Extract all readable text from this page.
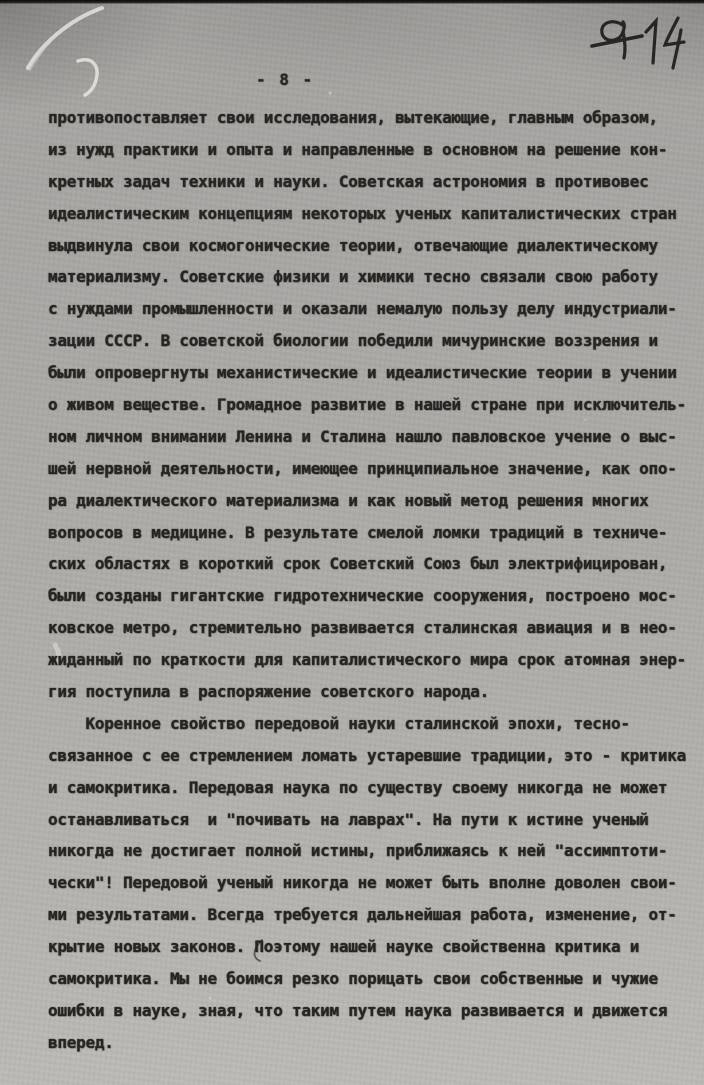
- 8 -
противопоставляет свои исследования, вытекающие, главным образом,
из нужд практики и опыта и направленные в основном на решение кон-
кретных задач техники и науки. Советская астрономия в противовес
идеалистическим концепциям некоторых ученых капиталистических стран
выдвинула свои космогонические теории, отвечающие диалектическому
материализму. Советские физики и химики тесно связали свою работу
с нуждами промышленности и оказали немалую пользу делу индустриали-
зации СССР. В советской биологии победили мичуринские воззрения и
были опровергнуты механистические и идеалистические теории в учении
о живом веществе. Громадное развитие в нашей стране при исключитель-
ном личном внимании Ленина и Сталина нашло павловское учение о выс-
шей нервной деятельности, имеющее принципиальное значение, как опо-
ра диалектического материализма и как новый метод решения многих
вопросов в медицине. В результате смелой ломки традиций в техниче-
ских областях в короткий срок Советский Союз был электрифицирован,
были созданы гигантские гидротехнические сооружения, построено мос-
ковское метро, стремительно развивается сталинская авиация и в нео-
жиданный по краткости для капиталистического мира срок атомная энер-
гия поступила в распоряжение советского народа.
Коренное свойство передовой науки сталинской эпохи, тесно-
связанное с ее стремлением ломать устаревшие традиции, это - критика
и самокритика. Передовая наука по существу своему никогда не может
останавливаться  и "почивать на лаврах". На пути к истине ученый
никогда не достигает полной истины, приближаясь к ней "ассимптоти-
чески"! Передовой ученый никогда не может быть вполне доволен свои-
ми результатами. Всегда требуется дальнейшая работа, изменение, от-
крытие новых законов. Поэтому нашей науке свойственна критика и
самокритика. Мы не боимся резко порицать свои собственные и чужие
ошибки в науке, зная, что таким путем наука развивается и движется
вперед.
